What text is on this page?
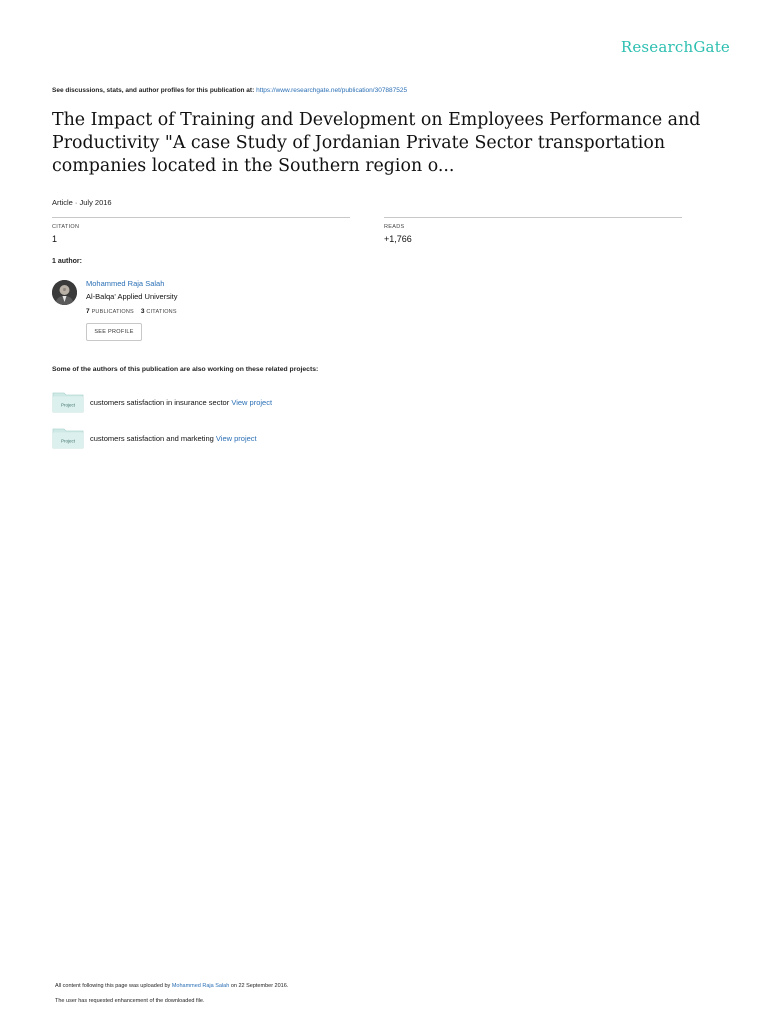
ResearchGate
See discussions, stats, and author profiles for this publication at: https://www.researchgate.net/publication/307887525
The Impact of Training and Development on Employees Performance and Productivity "A case Study of Jordanian Private Sector transportation companies located in the Southern region o...
Article · July 2016
CITATION
1
READS
+1,766
1 author:
Mohammed Raja Salah
Al-Balqa' Applied University
7 PUBLICATIONS 3 CITATIONS
SEE PROFILE
Some of the authors of this publication are also working on these related projects:
Project customers satisfaction in insurance sector View project
Project customers satisfaction and marketing View project
All content following this page was uploaded by Mohammed Raja Salah on 22 September 2016.
The user has requested enhancement of the downloaded file.
